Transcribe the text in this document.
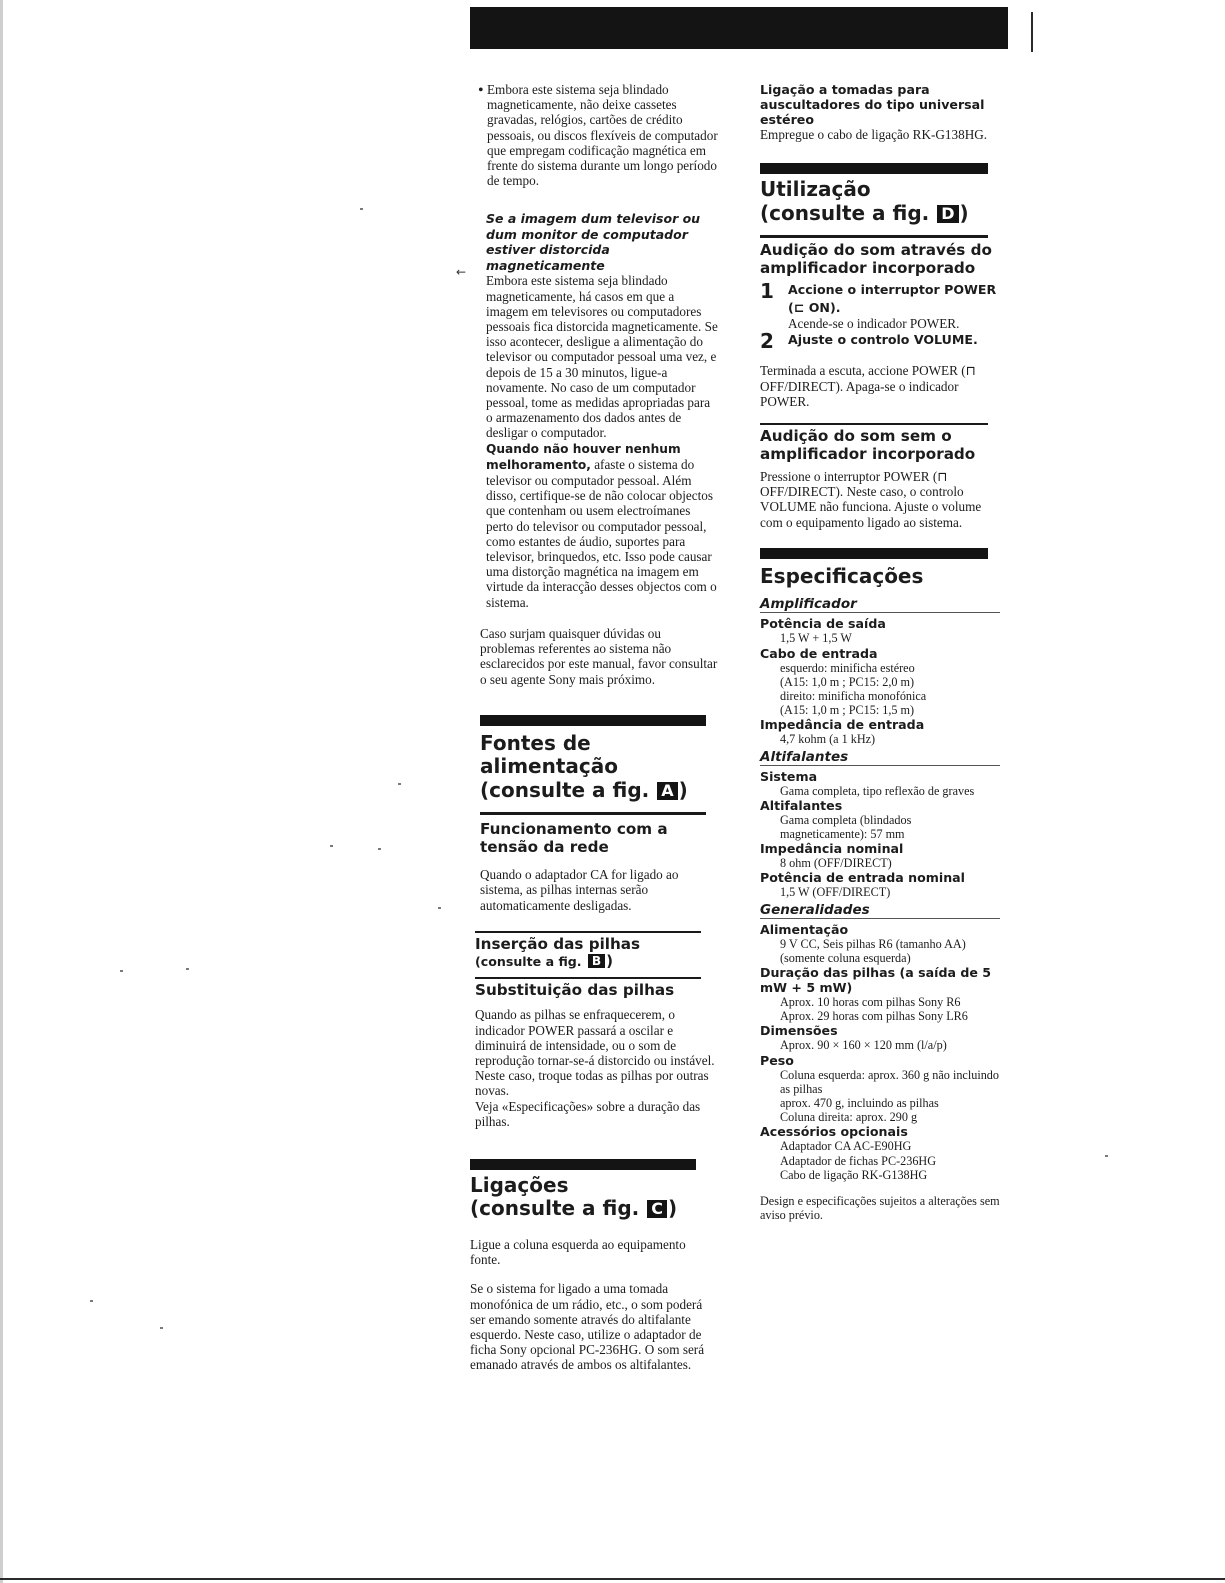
←
• Embora este sistema seja blindado magneticamente, não deixe cassetes gravadas, relógios, cartões de crédito pessoais, ou discos flexíveis de computador que empregam codificação magnética em frente do sistema durante um longo período de tempo.

Se a imagem dum televisor ou dum monitor de computador estiver distorcida magneticamente

Embora este sistema seja blindado magneticamente, há casos em que a imagem em televisores ou computadores pessoais fica distorcida magneticamente. Se isso acontecer, desligue a alimentação do televisor ou computador pessoal uma vez, e depois de 15 a 30 minutos, ligue-a novamente. No caso de um computador pessoal, tome as medidas apropriadas para o armazenamento dos dados antes de desligar o computador.

Quando não houver nenhum melhoramento, afaste o sistema do televisor ou computador pessoal. Além disso, certifique-se de não colocar objectos que contenham ou usem electroímanes perto do televisor ou computador pessoal, como estantes de áudio, suportes para televisor, brinquedos, etc. Isso pode causar uma distorção magnética na imagem em virtude da interacção desses objectos com o sistema.

Caso surjam quaisquer dúvidas ou problemas referentes ao sistema não esclarecidos por este manual, favor consultar o seu agente Sony mais próximo.

Fontes de alimentação
(consulte a fig. A )

Funcionamento com a tensão da rede

Quando o adaptador CA for ligado ao sistema, as pilhas internas serão automaticamente desligadas.

Inserção das pilhas
(consulte a fig. B )

Substituição das pilhas

Quando as pilhas se enfraquecerem, o indicador POWER passará a oscilar e diminuirá de intensidade, ou o som de reprodução tornar-se-á distorcido ou instável. Neste caso, troque todas as pilhas por outras novas.

Veja «Especificações» sobre a duração das pilhas.

Ligações
(consulte a fig. C )

Ligue a coluna esquerda ao equipamento fonte.

Se o sistema for ligado a uma tomada monofónica de um rádio, etc., o som poderá ser emando somente através do altifalante esquerdo. Neste caso, utilize o adaptador de ficha Sony opcional PC-236HG. O som será emanado através de ambos os altifalantes.

Ligação a tomadas para auscultadores do tipo universal estéreo

Empregue o cabo de ligação RK-G138HG.

Utilização
(consulte a fig. D )

Audição do som através do amplificador incorporado

1	Accione o interruptor POWER (⊏ ON).

Acende-se o indicador POWER.

2	Ajuste o controlo VOLUME.

Terminada a escuta, accione POWER (⊓ OFF/DIRECT). Apaga-se o indicador POWER.

Audição do som sem o amplificador incorporado

Pressione o interruptor POWER (⊓ OFF/DIRECT). Neste caso, o controlo VOLUME não funciona. Ajuste o volume com o equipamento ligado ao sistema.

Especificações

Amplificador

Potência de saída

1,5 W + 1,5 W

Cabo de entrada

esquerdo: minificha estéreo

(A15: 1,0 m ; PC15: 2,0 m)

direito: minificha monofónica

(A15: 1,0 m ; PC15: 1,5 m)

Impedância de entrada

4,7 kohm (a 1 kHz)

Altifalantes

Sistema

Gama completa, tipo reflexão de graves

Altifalantes

Gama completa (blindados magneticamente): 57 mm

Impedância nominal

8 ohm (OFF/DIRECT)

Potência de entrada nominal

1,5 W (OFF/DIRECT)

Generalidades

Alimentação

9 V CC, Seis pilhas R6 (tamanho AA) (somente coluna esquerda)

Duração das pilhas (a saída de 5 mW + 5 mW)

Aprox. 10 horas com pilhas Sony R6

Aprox. 29 horas com pilhas Sony LR6

Dimensões

Aprox. 90 × 160 × 120 mm (l/a/p)

Peso

Coluna esquerda: aprox. 360 g não incluindo as pilhas

aprox. 470 g, incluindo as pilhas

Coluna direita: aprox. 290 g

Acessórios opcionais

Adaptador CA AC-E90HG

Adaptador de fichas PC-236HG

Cabo de ligação RK-G138HG

Design e especificações sujeitos a alterações sem aviso prévio.
